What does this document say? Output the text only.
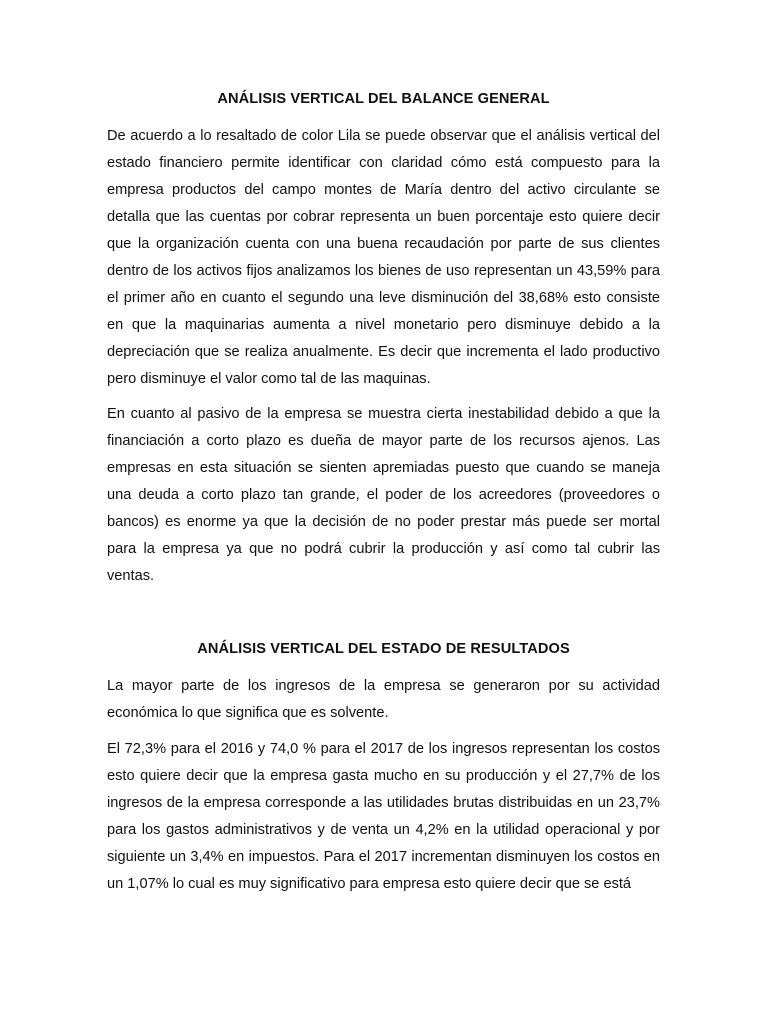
ANÁLISIS VERTICAL DEL BALANCE GENERAL

De acuerdo a lo resaltado de color Lila se puede observar que el análisis vertical del estado financiero permite identificar con claridad cómo está compuesto para la empresa productos del campo montes de María dentro del activo circulante se detalla que las cuentas por cobrar representa un buen porcentaje esto quiere decir que la organización cuenta con una buena recaudación por parte de sus clientes dentro de los activos fijos analizamos los bienes de uso representan un 43,59% para el primer año en cuanto el segundo una leve disminución del 38,68% esto consiste en que la maquinarias aumenta a nivel monetario pero disminuye debido a la depreciación que se realiza anualmente. Es decir que incrementa el lado productivo pero disminuye el valor como tal de las maquinas.

En cuanto al pasivo de la empresa se muestra cierta inestabilidad debido a que la financiación a corto plazo es dueña de mayor parte de los recursos ajenos. Las empresas en esta situación se sienten apremiadas puesto que cuando se maneja una deuda a corto plazo tan grande, el poder de los acreedores (proveedores o bancos) es enorme ya que la decisión de no poder prestar más puede ser mortal para la empresa ya que no podrá cubrir la producción y así como tal cubrir las ventas.

ANÁLISIS VERTICAL DEL ESTADO DE RESULTADOS

La mayor parte de los ingresos de la empresa se generaron por su actividad económica lo que significa que es solvente.

El 72,3% para el 2016 y 74,0 % para el 2017 de los ingresos representan los costos esto quiere decir que la empresa gasta mucho en su producción y el 27,7% de los ingresos de la empresa corresponde a las utilidades brutas distribuidas en un 23,7% para los gastos administrativos y de venta un 4,2% en la utilidad operacional y por siguiente un 3,4% en impuestos. Para el 2017 incrementan disminuyen los costos en un 1,07% lo cual es muy significativo para empresa esto quiere decir que se está
